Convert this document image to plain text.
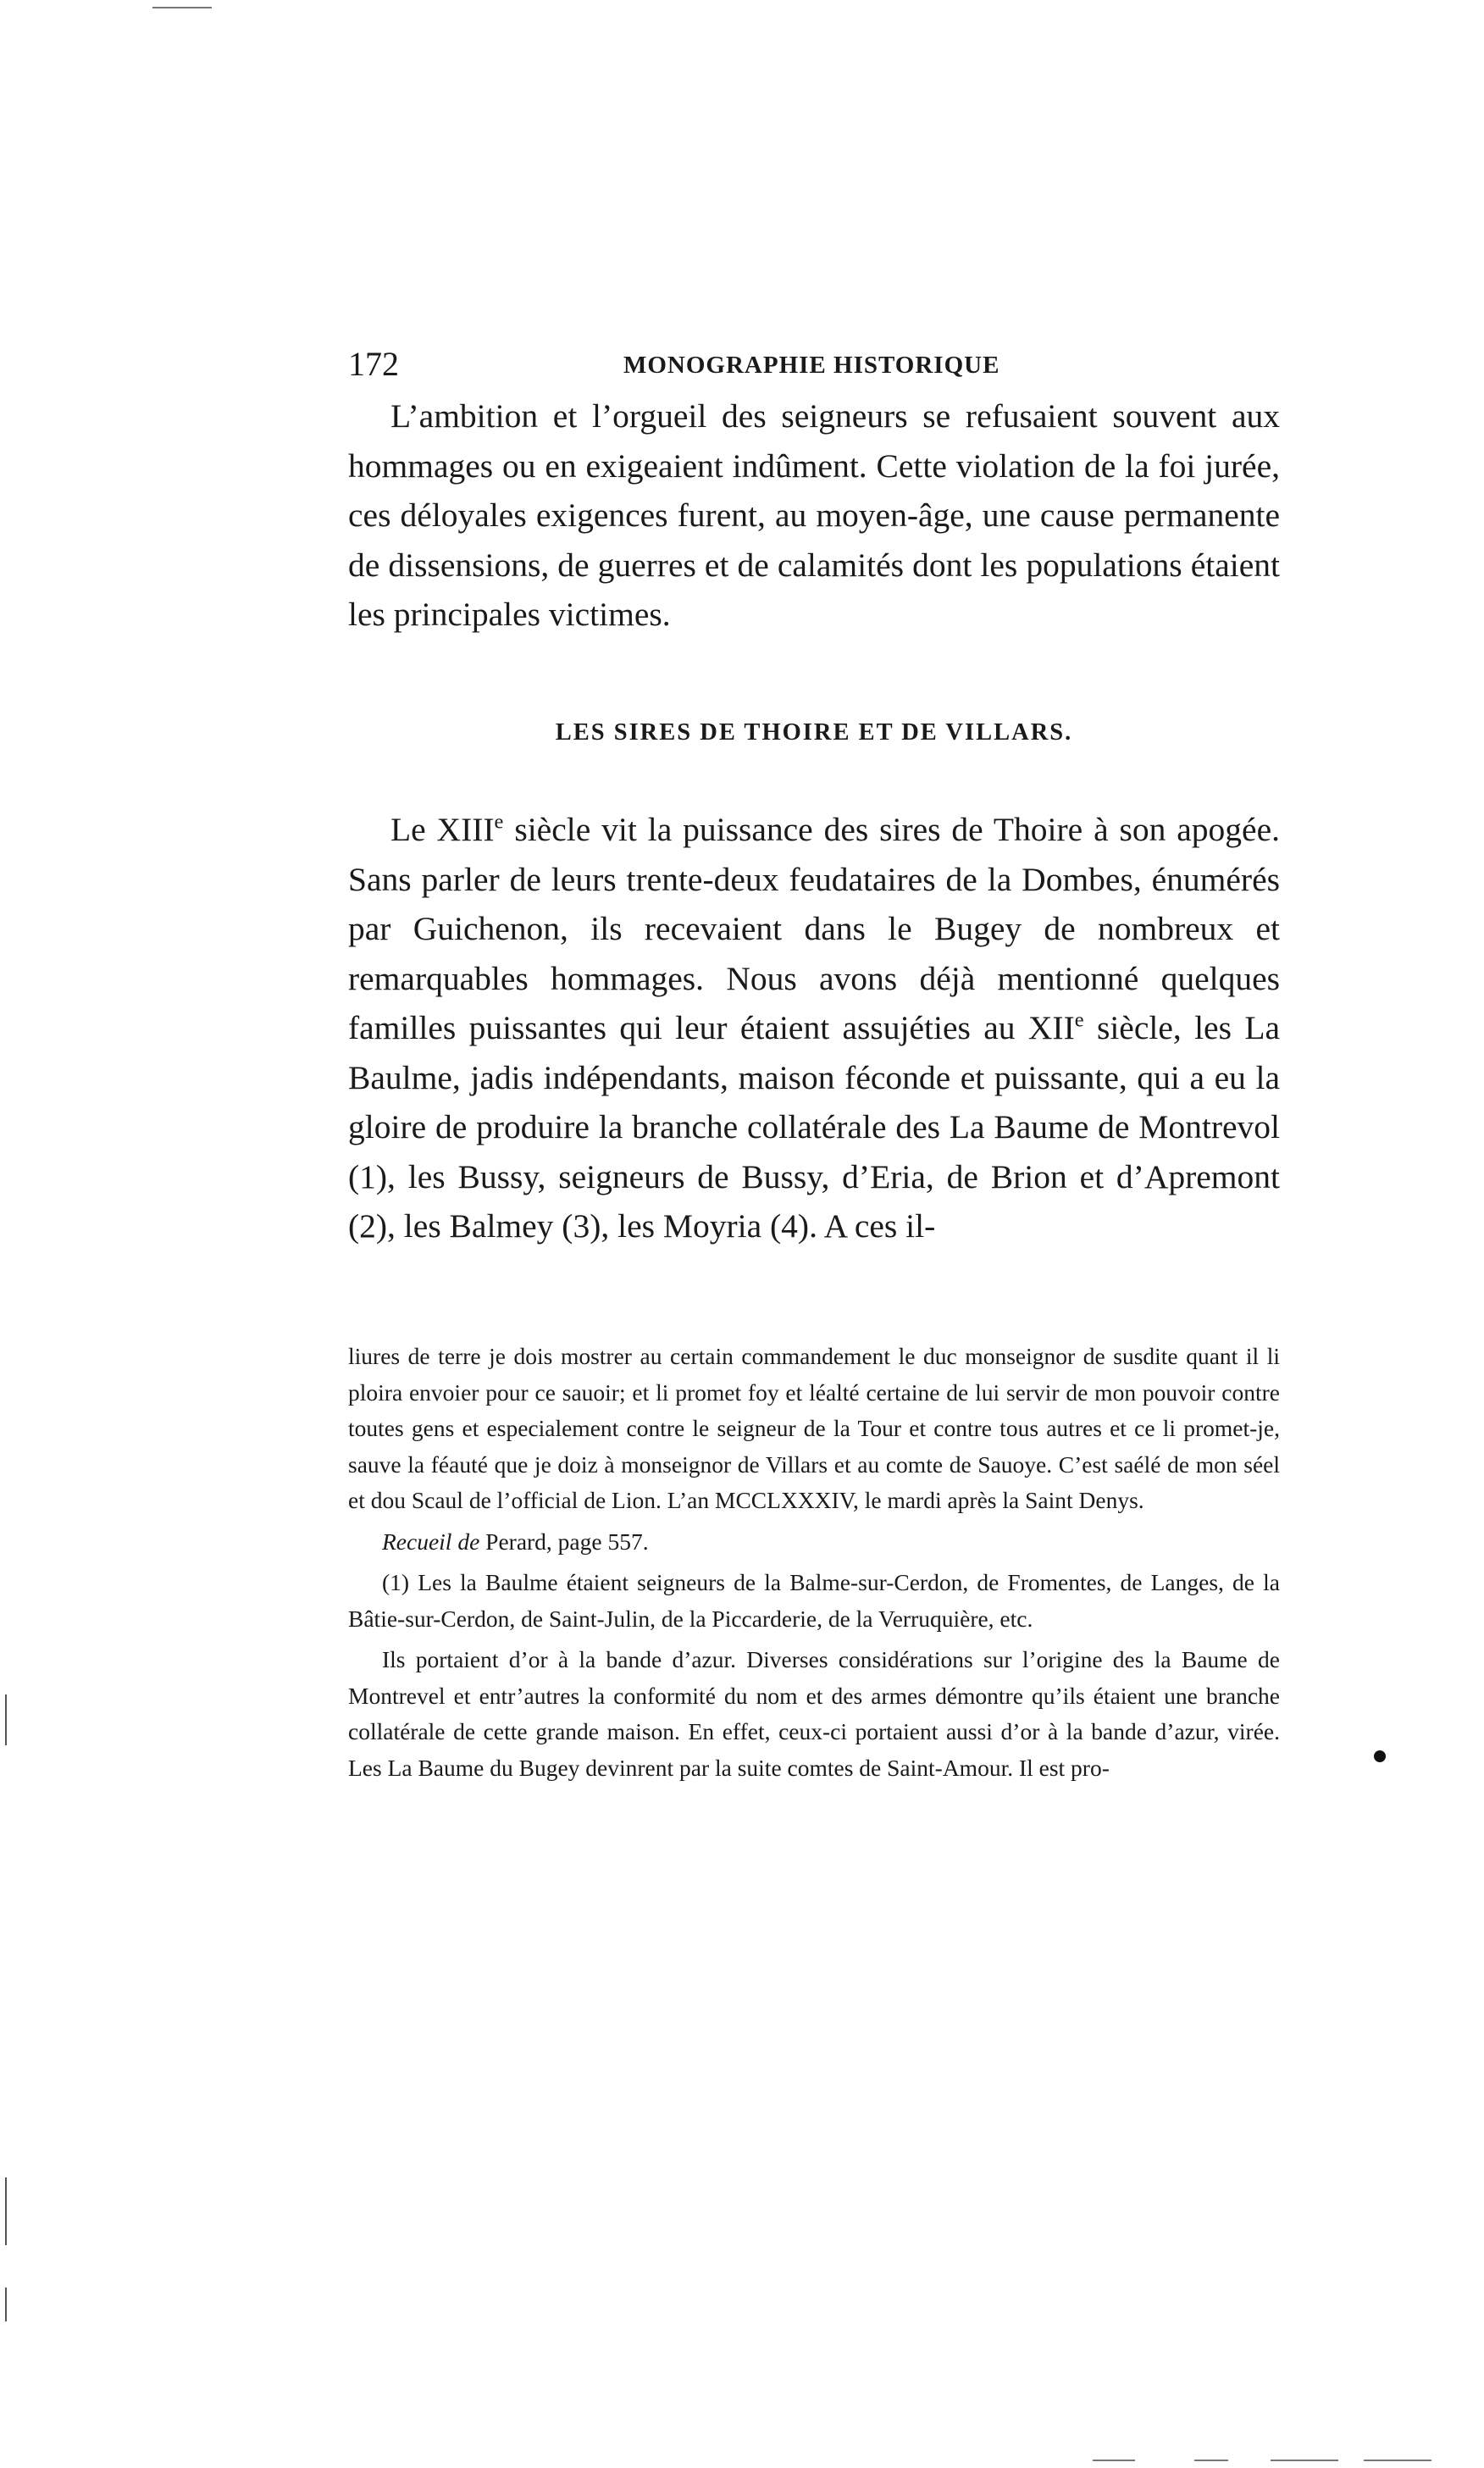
172	MONOGRAPHIE HISTORIQUE

L’ambition et l’orgueil des seigneurs se refusaient souvent aux hommages ou en exigeaient indûment. Cette violation de la foi jurée, ces déloyales exigences furent, au moyen-âge, une cause permanente de dissensions, de guerres et de calamités dont les populations étaient les principales victimes.

LES SIRES DE THOIRE ET DE VILLARS.

Le XIIIe siècle vit la puissance des sires de Thoire à son apogée. Sans parler de leurs trente-deux feudataires de la Dombes, énumérés par Guichenon, ils recevaient dans le Bugey de nombreux et remarquables hommages. Nous avons déjà mentionné quelques familles puissantes qui leur étaient assujéties au XIIe siècle, les La Baulme, jadis indépendants, maison féconde et puissante, qui a eu la gloire de produire la branche collatérale des La Baume de Montrevol (1), les Bussy, seigneurs de Bussy, d’Eria, de Brion et d’Apremont (2), les Balmey (3), les Moyria (4). A ces il-

liures de terre je dois mostrer au certain commandement le duc monseignor de susdite quant il li ploira envoier pour ce sauoir; et li promet foy et léalté certaine de lui servir de mon pouvoir contre toutes gens et especialement contre le seigneur de la Tour et contre tous autres et ce li promet-je, sauve la féauté que je doiz à monseignor de Villars et au comte de Sauoye. C’est saélé de mon séel et dou Scaul de l’official de Lion. L’an MCCLXXXIV, le mardi après la Saint Denys.

Recueil de Perard, page 557.

(1) Les la Baulme étaient seigneurs de la Balme-sur-Cerdon, de Fromentes, de Langes, de la Bâtie-sur-Cerdon, de Saint-Julin, de la Piccarderie, de la Verruquière, etc.

Ils portaient d’or à la bande d’azur. Diverses considérations sur l’origine des la Baume de Montrevel et entr’autres la conformité du nom et des armes démontre qu’ils étaient une branche collatérale de cette grande maison. En effet, ceux-ci portaient aussi d’or à la bande d’azur, virée. Les La Baume du Bugey devinrent par la suite comtes de Saint-Amour. Il est pro-
